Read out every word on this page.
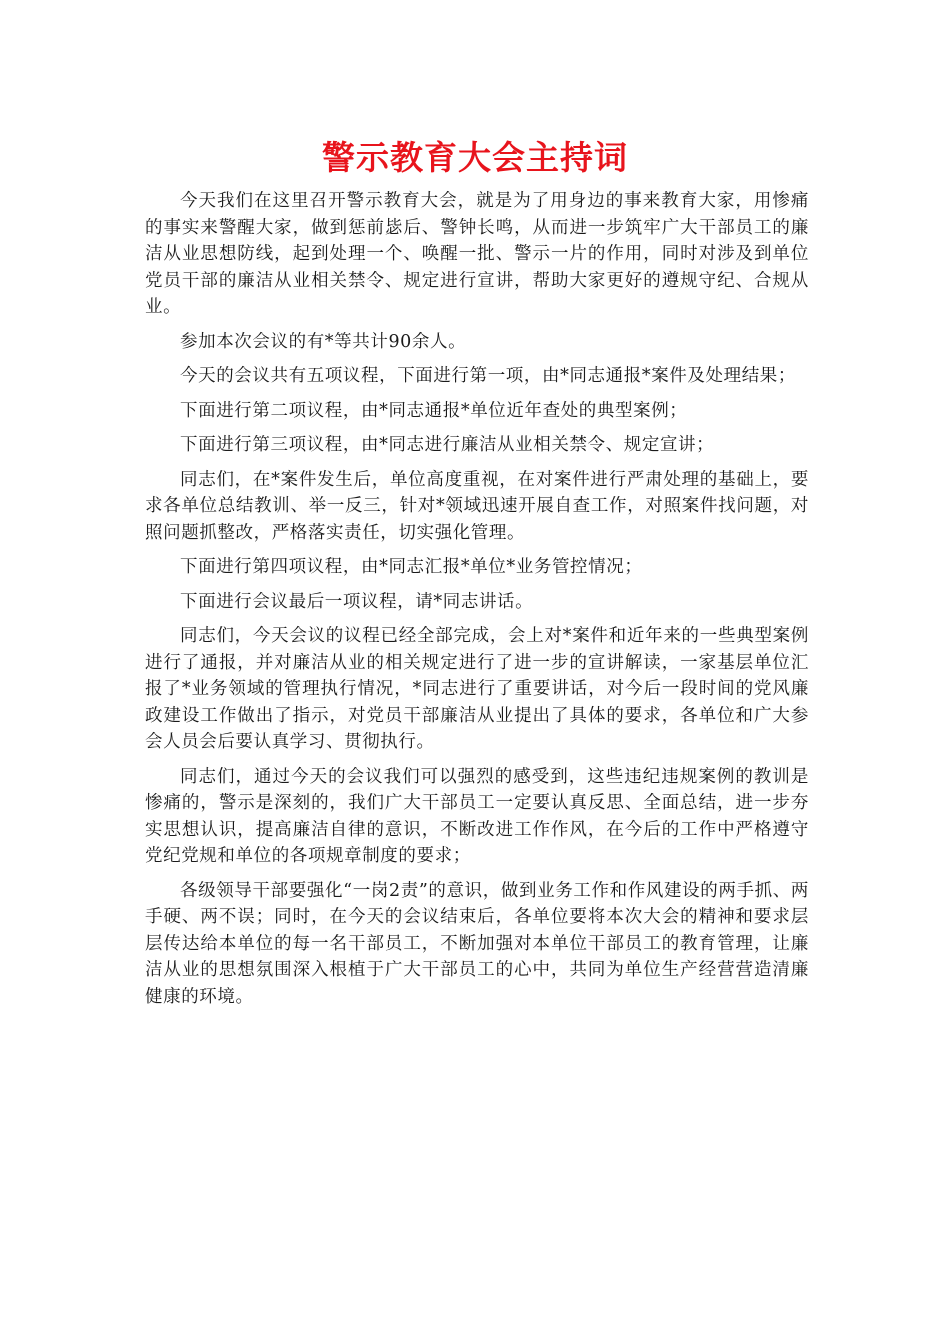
警示教育大会主持词

今天我们在这里召开警示教育大会，就是为了用身边的事来教育大家，用惨痛的事实来警醒大家，做到惩前毖后、警钟长鸣，从而进一步筑牢广大干部员工的廉洁从业思想防线，起到处理一个、唤醒一批、警示一片的作用，同时对涉及到单位党员干部的廉洁从业相关禁令、规定进行宣讲，帮助大家更好的遵规守纪、合规从业。

参加本次会议的有*等共计90余人。

今天的会议共有五项议程，下面进行第一项，由*同志通报*案件及处理结果；

下面进行第二项议程，由*同志通报*单位近年查处的典型案例；

下面进行第三项议程，由*同志进行廉洁从业相关禁令、规定宣讲；

同志们，在*案件发生后，单位高度重视，在对案件进行严肃处理的基础上，要求各单位总结教训、举一反三，针对*领域迅速开展自查工作，对照案件找问题，对照问题抓整改，严格落实责任，切实强化管理。

下面进行第四项议程，由*同志汇报*单位*业务管控情况；

下面进行会议最后一项议程，请*同志讲话。

同志们，今天会议的议程已经全部完成，会上对*案件和近年来的一些典型案例进行了通报，并对廉洁从业的相关规定进行了进一步的宣讲解读，一家基层单位汇报了*业务领域的管理执行情况，*同志进行了重要讲话，对今后一段时间的党风廉政建设工作做出了指示，对党员干部廉洁从业提出了具体的要求，各单位和广大参会人员会后要认真学习、贯彻执行。

同志们，通过今天的会议我们可以强烈的感受到，这些违纪违规案例的教训是惨痛的，警示是深刻的，我们广大干部员工一定要认真反思、全面总结，进一步夯实思想认识，提高廉洁自律的意识，不断改进工作作风，在今后的工作中严格遵守党纪党规和单位的各项规章制度的要求；

各级领导干部要强化“一岗2责”的意识，做到业务工作和作风建设的两手抓、两手硬、两不误；同时，在今天的会议结束后，各单位要将本次大会的精神和要求层层传达给本单位的每一名干部员工，不断加强对本单位干部员工的教育管理，让廉洁从业的思想氛围深入根植于广大干部员工的心中，共同为单位生产经营营造清廉健康的环境。
